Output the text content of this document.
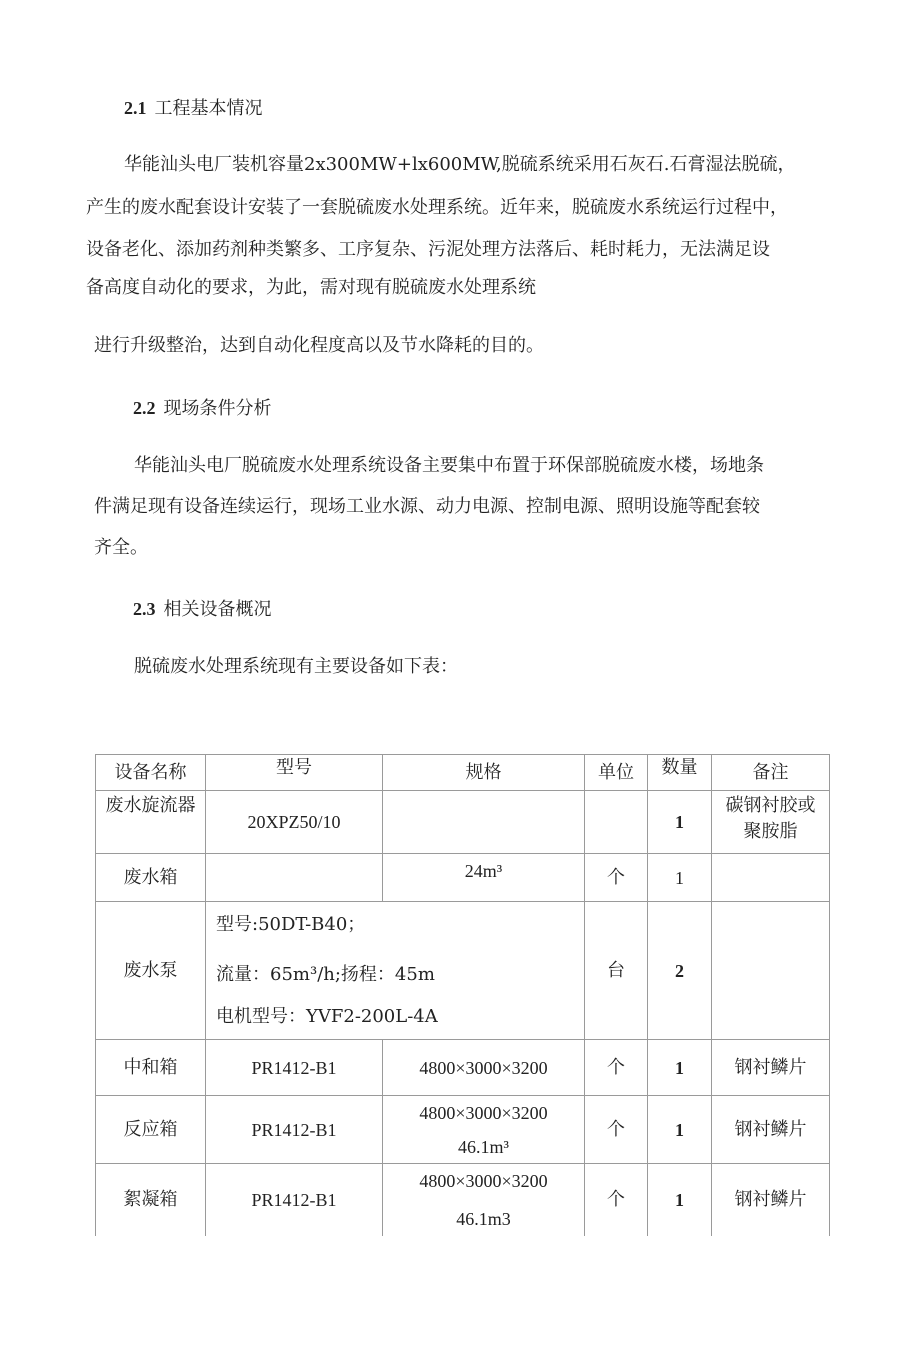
2.1 工程基本情况
华能汕头电厂装机容量2x300MW+lx600MW,脱硫系统采用石灰石.石膏湿法脱硫，
产生的废水配套设计安装了一套脱硫废水处理系统。近年来，脱硫废水系统运行过程中，
设备老化、添加药剂种类繁多、工序复杂、污泥处理方法落后、耗时耗力，无法满足设
备高度自动化的要求，为此，需对现有脱硫废水处理系统
进行升级整治，达到自动化程度高以及节水降耗的目的。
2.2 现场条件分析
华能汕头电厂脱硫废水处理系统设备主要集中布置于环保部脱硫废水楼，场地条
件满足现有设备连续运行，现场工业水源、动力电源、控制电源、照明设施等配套较
齐全。
2.3 相关设备概况
脱硫废水处理系统现有主要设备如下表：
设备名称	型号	规格	单位	数量	备注
废水旋流器	20XPZ50/10			1	碳钢衬胶或聚胺脂
废水箱		24m³	个	1	
废水泵	型号:50DT-B40；
流量：65m³/h;扬程：45m
电机型号：YVF2-200L-4A		台	2	
中和箱	PR1412-B1	4800×3000×3200	个	1	钢衬鳞片
反应箱	PR1412-B1	4800×3000×3200
46.1m³	个	1	钢衬鳞片
絮凝箱	PR1412-B1	4800×3000×3200
46.1m3	个	1	钢衬鳞片
